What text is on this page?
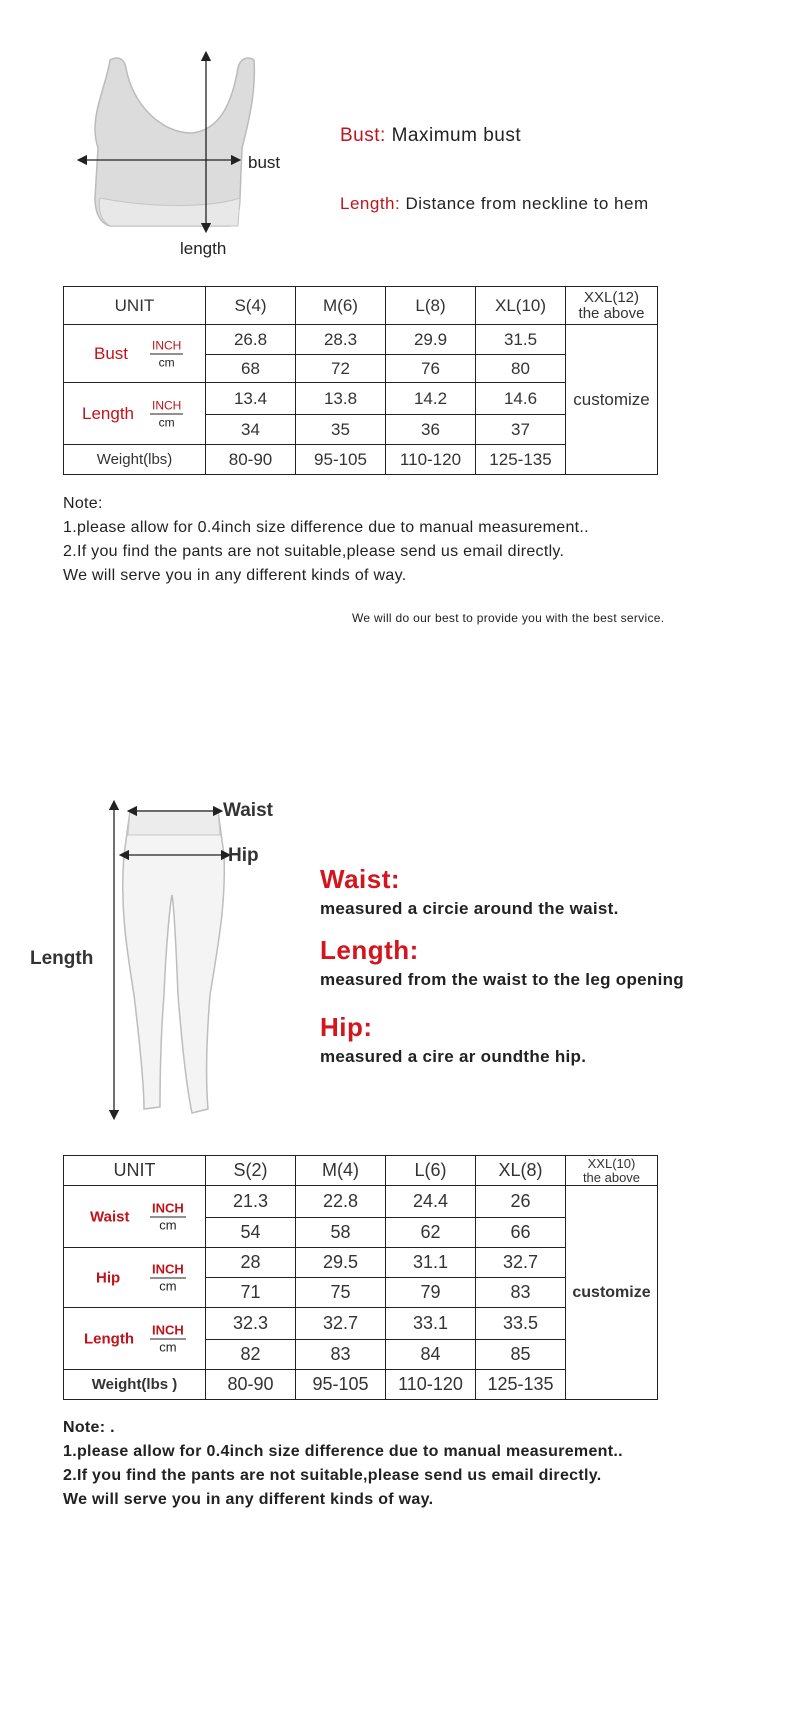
bust
length
Bust: Maximum bust
Length: Distance from neckline to hem
UNIT	S(4)	M(6)	L(8)	XL(10)	XXL(12)
the above

Bust INCH
cm	26.8	28.3	29.9	31.5	customize
	68	72	76	80	

Length INCH
cm	13.4	13.8	14.2	14.6	
	34	35	36	37	
Weight(lbs)	80-90	95-105	110-120	125-135	
Note:
1.please allow for 0.4inch size difference due to manual measurement..
2.If you find the pants are not suitable,please send us email directly.
We will serve you in any different kinds of way.
We will do our best to provide you with the best service.
Waist
Hip
Length
Waist:
measured a circie around the waist.
Length:
measured from the waist to the leg opening
Hip:
measured a cire ar oundthe hip.
UNIT	S(2)	M(4)	L(6)	XL(8)	XXL(10)
the above

Waist
INCH
cm	21.3	22.8	24.4	26	customize
	54	58	62	66	

Hip
INCH
cm	28	29.5	31.1	32.7	
	71	75	79	83	

Length
INCH
cm	32.3	32.7	33.1	33.5	
	82	83	84	85	
Weight(lbs )	80-90	95-105	110-120	125-135	
Note: .
1.please allow for 0.4inch size difference due to manual measurement..
2.If you find the pants are not suitable,please send us email directly.
We will serve you in any different kinds of way.
